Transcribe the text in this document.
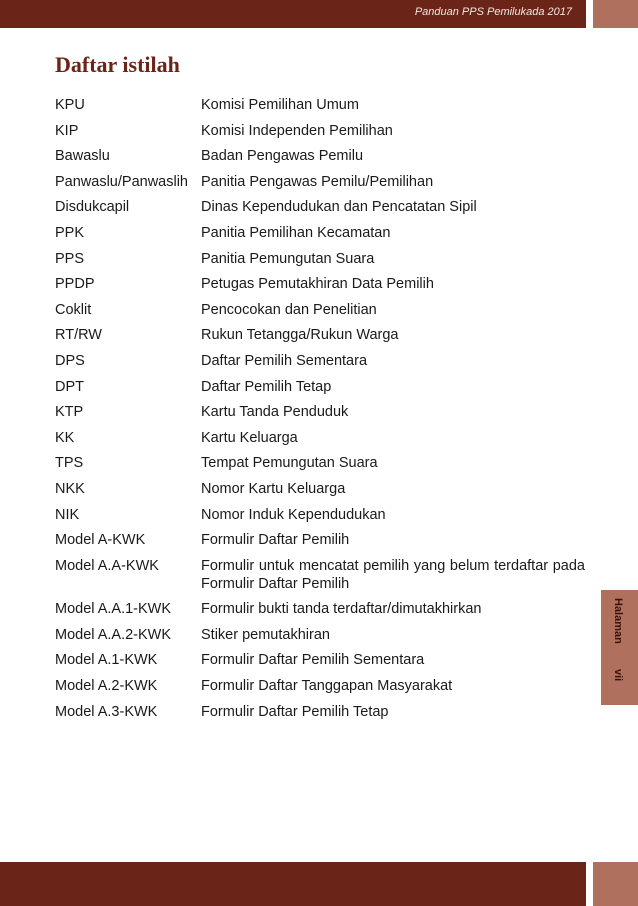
Panduan PPS Pemilukada 2017
Halaman vii
Daftar istilah
KPU	Komisi Pemilihan Umum
KIP	Komisi Independen Pemilihan
Bawaslu	Badan Pengawas Pemilu
Panwaslu/Panwaslih Panitia Pengawas Pemilu/Pemilihan
Disdukcapil	Dinas Kependudukan dan Pencatatan Sipil
PPK	Panitia Pemilihan Kecamatan
PPS	Panitia Pemungutan Suara
PPDP	Petugas Pemutakhiran Data Pemilih
Coklit	Pencocokan dan Penelitian
RT/RW	Rukun Tetangga/Rukun Warga
DPS	Daftar Pemilih Sementara
DPT	Daftar Pemilih Tetap
KTP	Kartu Tanda Penduduk
KK	Kartu Keluarga
TPS	Tempat Pemungutan Suara
NKK	Nomor Kartu Keluarga
NIK	Nomor Induk Kependudukan
Model A-KWK	Formulir Daftar Pemilih
Model A.A-KWK	Formulir untuk mencatat pemilih yang belum terdaftar pada Formulir Daftar Pemilih
Model A.A.1-KWK	Formulir bukti tanda terdaftar/dimutakhirkan
Model A.A.2-KWK	Stiker pemutakhiran
Model A.1-KWK	Formulir Daftar Pemilih Sementara
Model A.2-KWK	Formulir Daftar Tanggapan Masyarakat
Model A.3-KWK	Formulir Daftar Pemilih Tetap
